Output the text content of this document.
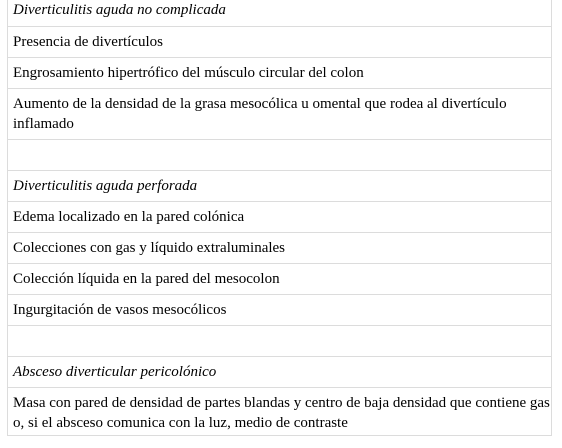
Diverticulitis aguda no complicada
Presencia de divertículos
Engrosamiento hipertrófico del músculo circular del colon
Aumento de la densidad de la grasa mesocólica u omental que rodea al divertículo inflamado
Diverticulitis aguda perforada
Edema localizado en la pared colónica
Colecciones con gas y líquido extraluminales
Colección líquida en la pared del mesocolon
Ingurgitación de vasos mesocólicos
Absceso diverticular pericolónico
Masa con pared de densidad de partes blandas y centro de baja densidad que contiene gas o, si el absceso comunica con la luz, medio de contraste
